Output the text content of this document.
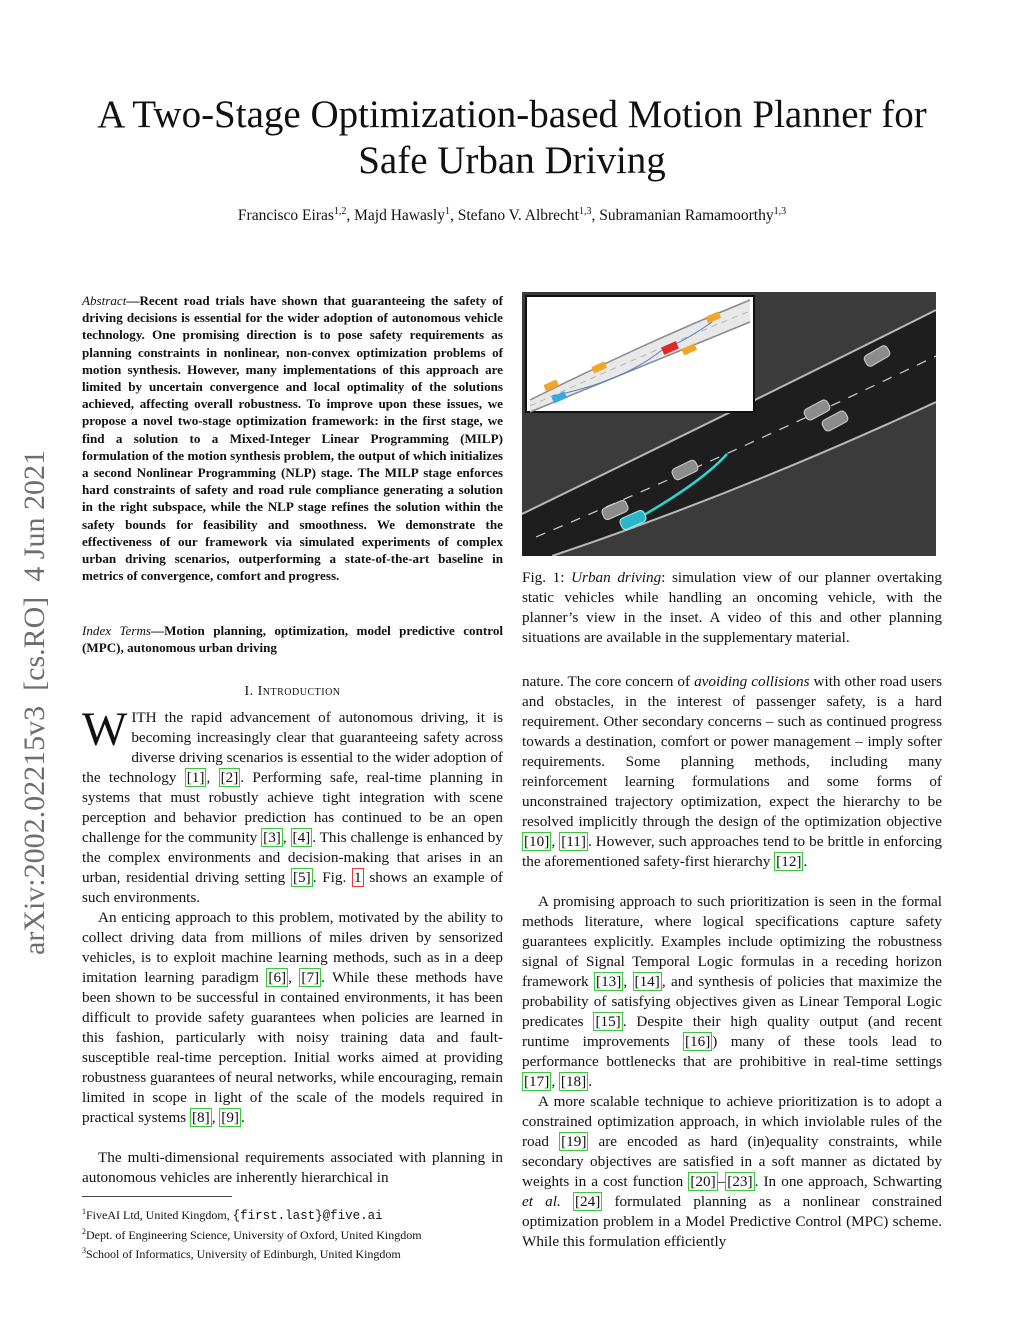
A Two-Stage Optimization-based Motion Planner for Safe Urban Driving
Francisco Eiras$^{1,2}$, Majd Hawasly$^1$, Stefano V. Albrecht$^{1,3}$, Subramanian Ramamoorthy$^{1,3}$
arXiv:2002.02215v3  [cs.RO]  4 Jun 2021
Abstract—Recent road trials have shown that guaranteeing the safety of driving decisions is essential for the wider adoption of autonomous vehicle technology. One promising direction is to pose safety requirements as planning constraints in nonlinear, non-convex optimization problems of motion synthesis. However, many implementations of this approach are limited by uncertain convergence and local optimality of the solutions achieved, affecting overall robustness. To improve upon these issues, we propose a novel two-stage optimization framework: in the first stage, we find a solution to a Mixed-Integer Linear Programming (MILP) formulation of the motion synthesis problem, the output of which initializes a second Nonlinear Programming (NLP) stage. The MILP stage enforces hard constraints of safety and road rule compliance generating a solution in the right subspace, while the NLP stage refines the solution within the safety bounds for feasibility and smoothness. We demonstrate the effectiveness of our framework via simulated experiments of complex urban driving scenarios, outperforming a state-of-the-art baseline in metrics of convergence, comfort and progress.
Index Terms—Motion planning, optimization, model predictive control (MPC), autonomous urban driving
I. Introduction
WITH the rapid advancement of autonomous driving, it is becoming increasingly clear that guaranteeing safety across diverse driving scenarios is essential to the wider adoption of the technology [1] , [2] . Performing safe, real-time planning in systems that must robustly achieve tight integration with scene perception and behavior prediction has continued to be an open challenge for the community [3] , [4] . This challenge is enhanced by the complex environments and decision-making that arises in an urban, residential driving setting [5] . Fig. 1 shows an example of such environments.
An enticing approach to this problem, motivated by the ability to collect driving data from millions of miles driven by sensorized vehicles, is to exploit machine learning methods, such as in a deep imitation learning paradigm [6] , [7] . While these methods have been shown to be successful in contained environments, it has been difficult to provide safety guarantees when policies are learned in this fashion, particularly with noisy training data and fault-susceptible real-time perception. Initial works aimed at providing robustness guarantees of neural networks, while encouraging, remain limited in scope in light of the scale of the models required in practical systems [8] , [9] .
The multi-dimensional requirements associated with planning in autonomous vehicles are inherently hierarchical in
$^1$FiveAI Ltd, United Kingdom, {first.last}@five.ai
$^2$Dept. of Engineering Science, University of Oxford, United Kingdom
$^3$School of Informatics, University of Edinburgh, United Kingdom
Fig. 1: Urban driving: simulation view of our planner overtaking static vehicles while handling an oncoming vehicle, with the planner’s view in the inset. A video of this and other planning situations are available in the supplementary material.
nature. The core concern of avoiding collisions with other road users and obstacles, in the interest of passenger safety, is a hard requirement. Other secondary concerns – such as continued progress towards a destination, comfort or power management – imply softer requirements. Some planning methods, including many reinforcement learning formulations and some forms of unconstrained trajectory optimization, expect the hierarchy to be resolved implicitly through the design of the optimization objective [10] , [11] . However, such approaches tend to be brittle in enforcing the aforementioned safety-first hierarchy [12] .
A promising approach to such prioritization is seen in the formal methods literature, where logical specifications capture safety guarantees explicitly. Examples include optimizing the robustness signal of Signal Temporal Logic formulas in a receding horizon framework [13] , [14] , and synthesis of policies that maximize the probability of satisfying objectives given as Linear Temporal Logic predicates [15] . Despite their high quality output (and recent runtime improvements [16] ) many of these tools lead to performance bottlenecks that are prohibitive in real-time settings [17] , [18] .
A more scalable technique to achieve prioritization is to adopt a constrained optimization approach, in which inviolable rules of the road [19] are encoded as hard (in)equality constraints, while secondary objectives are satisfied in a soft manner as dictated by weights in a cost function [20] – [23] . In one approach, Schwarting et al. [24] formulated planning as a nonlinear constrained optimization problem in a Model Predictive Control (MPC) scheme. While this formulation efficiently
